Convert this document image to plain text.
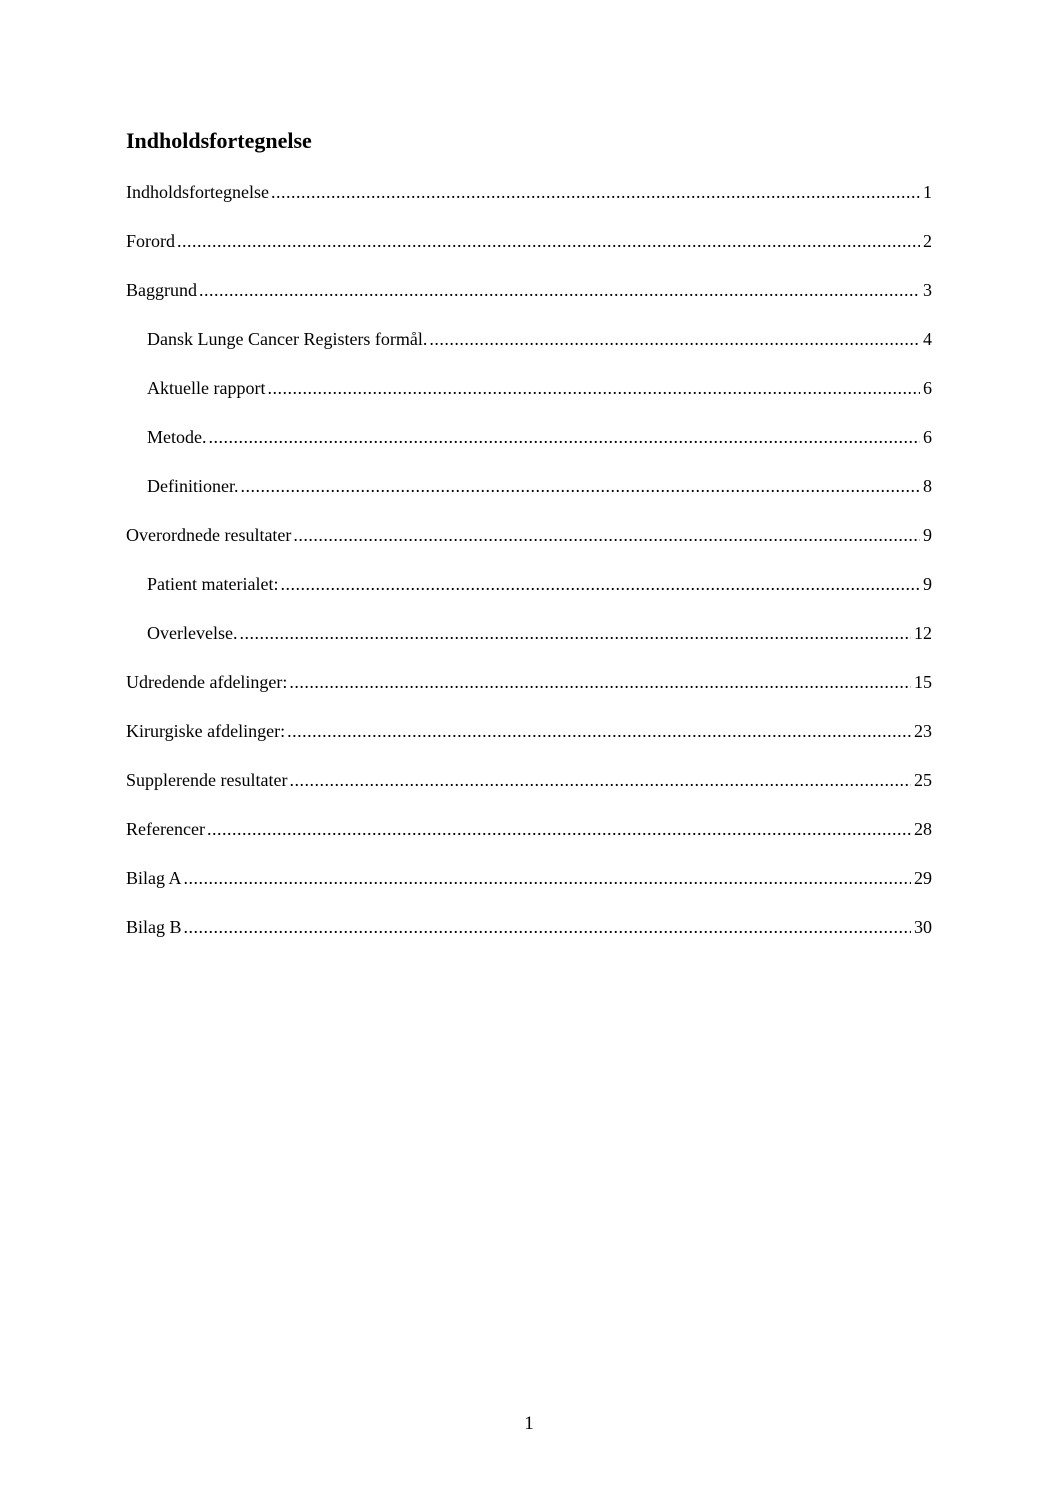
Indholdsfortegnelse
Indholdsfortegnelse .....	1
Forord .....	2
Baggrund .....	3
Dansk Lunge Cancer Registers formål. .....	4
Aktuelle rapport .....	6
Metode. .....	6
Definitioner. .....	8
Overordnede resultater .....	9
Patient materialet: .....	9
Overlevelse. .....	12
Udredende afdelinger: .....	15
Kirurgiske afdelinger: .....	23
Supplerende resultater .....	25
Referencer .....	28
Bilag A .....	29
Bilag B .....	30
1
